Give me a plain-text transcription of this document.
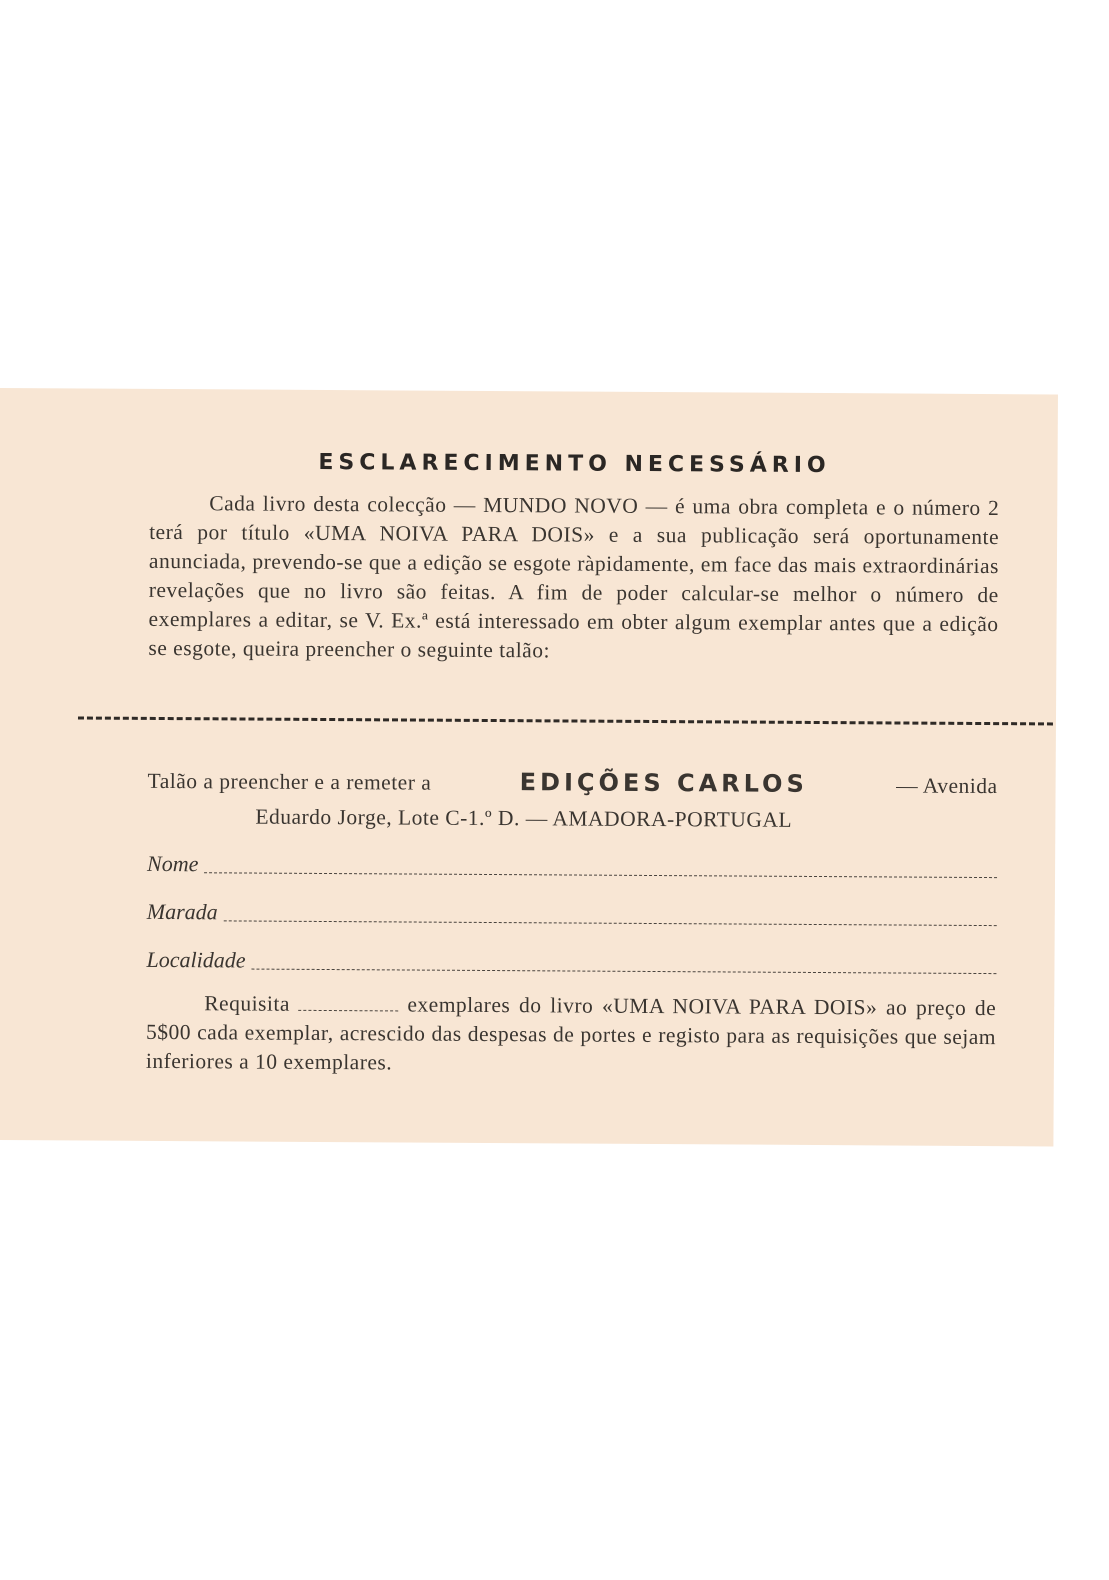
ESCLARECIMENTO NECESSÁRIO
Cada livro desta colecção — MUNDO NOVO — é uma obra completa e o número 2 terá por título «UMA NOIVA PARA DOIS» e a sua publicação será oportunamente anunciada, prevendo-se que a edição se esgote ràpidamente, em face das mais extraordinárias revelações que no livro são feitas. A fim de poder calcular-se melhor o número de exemplares a editar, se V. Ex.ª está interessado em obter algum exemplar antes que a edição se esgote, queira preencher o seguinte talão:
Talão a preencher e a remeter a	EDIÇÕES CARLOS	— Avenida
Eduardo Jorge, Lote C-1.º D. — AMADORA-PORTUGAL
Nome
Marada
Localidade
Requisita	exemplares do livro «UMA NOIVA PARA DOIS» ao preço de 5$00 cada exemplar, acrescido das despesas de portes e registo para as requisições que sejam inferiores a 10 exemplares.
